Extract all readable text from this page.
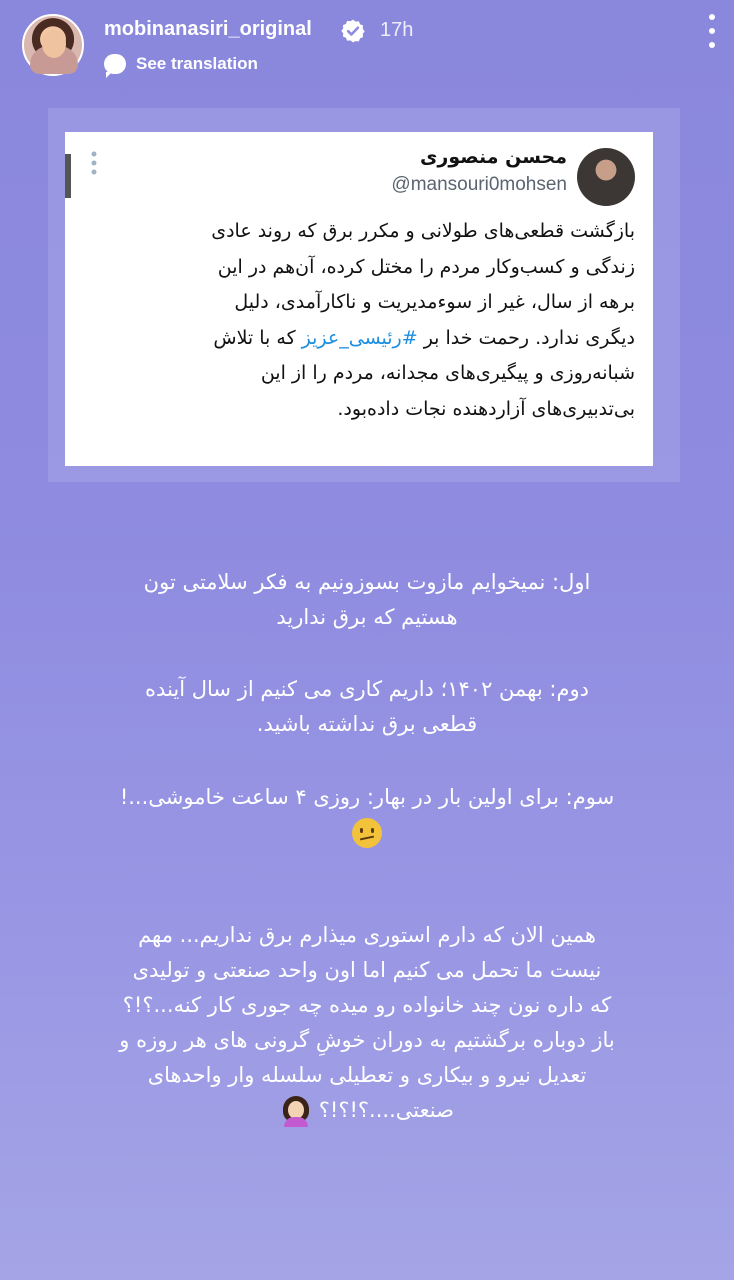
mobinanasiri_original	17h
See translation
محسن منصوری
@mansouri0mohsen
بازگشت قطعی‌های طولانی و مکرر برق که روند عادی
زندگی و کسب‌وکار مردم را مختل کرده، آن‌هم در این
برهه از سال، غیر از سوءمدیریت و ناکارآمدی، دلیل
دیگری ندارد. رحمت خدا بر #رئیسی_عزیز که با تلاش
شبانه‌روزی و پیگیری‌های مجدانه، مردم را از این
بی‌تدبیری‌های آزاردهنده نجات داده‌بود.
اول: نمیخوایم مازوت بسوزونیم به فکر سلامتی تون
هستیم که برق ندارید
دوم: بهمن ۱۴۰۲؛ داریم کاری می کنیم از سال آینده
قطعی برق نداشته باشید.
سوم: برای اولین بار در بهار: روزی ۴ ساعت خاموشی...!
همین الان که دارم استوری میذارم برق نداریم... مهم
نیست ما تحمل می کنیم اما اون واحد صنعتی و تولیدی
که داره نون چند خانواده رو میده چه جوری کار کنه...؟!؟
باز دوباره برگشتیم به دوران خوشِ گرونی های هر روزه و
تعدیل نیرو و بیکاری و تعطیلی سلسله وار واحدهای
صنعتی....؟!؟!؟
